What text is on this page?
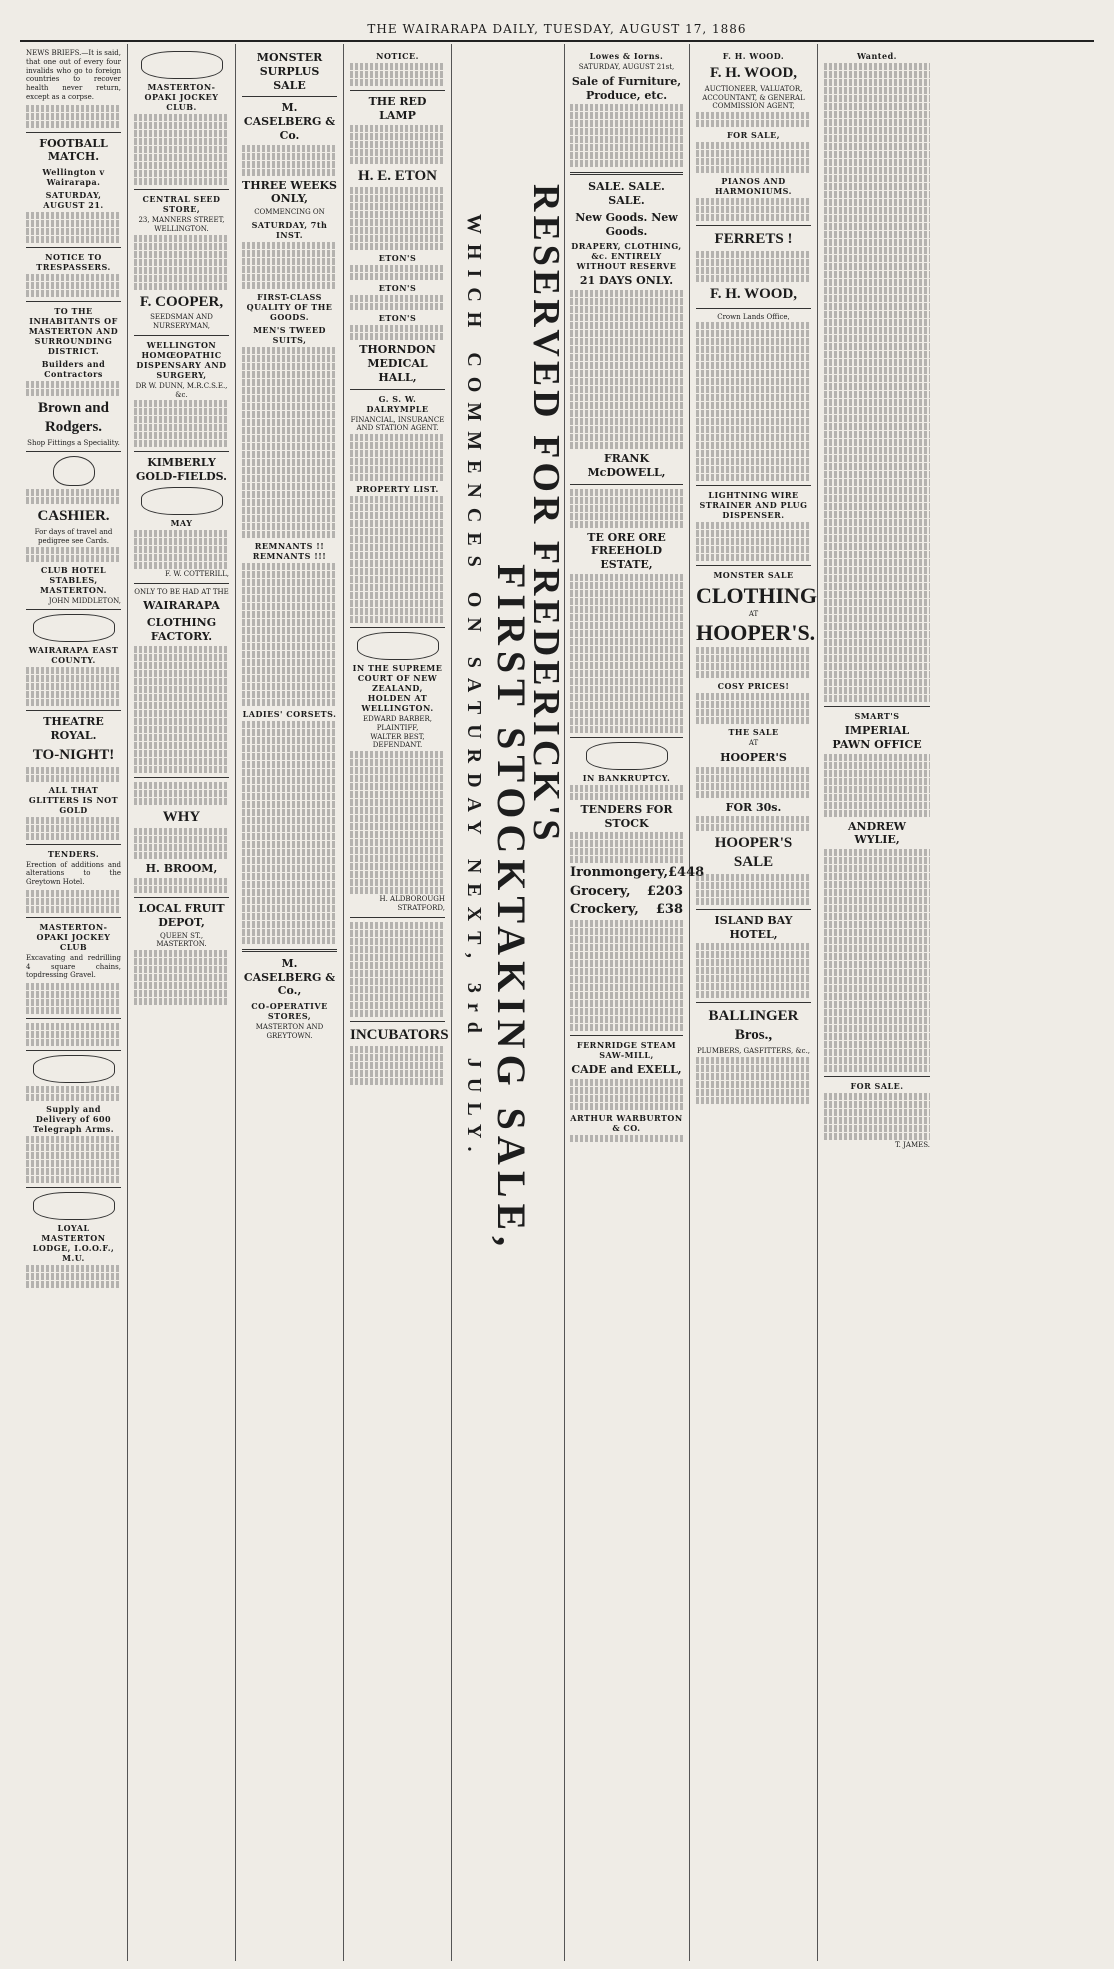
THE WAIRARAPA DAILY, TUESDAY, AUGUST 17, 1886
NEWS BRIEFS.—It is said, that one out of every four invalids who go to foreign countries to recover health never return, except as a corpse.
FOOTBALL MATCH.
Wellington v Wairarapa.
SATURDAY, AUGUST 21.
NOTICE TO TRESPASSERS.
TO THE INHABITANTS OF MASTERTON AND SURROUNDING DISTRICT.
Builders and Contractors
Brown and Rodgers.
Shop Fittings a Speciality.
CASHIER.
For days of travel and pedigree see Cards.
CLUB HOTEL STABLES, MASTERTON.
JOHN MIDDLETON,
WAIRARAPA EAST COUNTY.
THEATRE ROYAL.
TO-NIGHT!
ALL THAT GLITTERS IS NOT GOLD
TENDERS.
Erection of additions and alterations to the Greytown Hotel.
MASTERTON-OPAKI JOCKEY CLUB
Excavating and redrilling 4 square chains, topdressing Gravel.
Supply and Delivery of 600 Telegraph Arms.
LOYAL MASTERTON LODGE, I.O.O.F., M.U.
MASTERTON-OPAKI JOCKEY CLUB.
CENTRAL SEED STORE,
23, MANNERS STREET, WELLINGTON.
F. COOPER,
SEEDSMAN AND NURSERYMAN,
WELLINGTON HOMŒOPATHIC DISPENSARY AND SURGERY,
DR W. DUNN, M.R.C.S.E., &c.
KIMBERLY GOLD-FIELDS.
MAY
F. W. COTTERILL,
ONLY TO BE HAD AT THE
WAIRARAPA
CLOTHING FACTORY.
WHY
H. BROOM,
LOCAL FRUIT DEPOT,
QUEEN ST., MASTERTON.
MONSTER SURPLUS SALE
M. CASELBERG & Co.
THREE WEEKS ONLY,
COMMENCING ON
SATURDAY, 7th INST.
FIRST-CLASS QUALITY OF THE GOODS.
MEN'S TWEED SUITS,
REMNANTS !! REMNANTS !!!
LADIES' CORSETS.
M. CASELBERG & Co.,
CO-OPERATIVE STORES,
MASTERTON AND GREYTOWN.
NOTICE.
THE RED LAMP
H. E. ETON
ETON'S
ETON'S
ETON'S
THORNDON MEDICAL HALL,
G. S. W. DALRYMPLE
FINANCIAL, INSURANCE AND STATION AGENT.
PROPERTY LIST.
IN THE SUPREME COURT OF NEW ZEALAND, HOLDEN AT WELLINGTON.
EDWARD BARBER, PLAINTIFF,
WALTER BEST, DEFENDANT.
H. ALDBOROUGH STRATFORD,
INCUBATORS WHICH COMMENCES ON SATURDAY NEXT, 3rd JULY. FIRST STOCKTAKING SALE,
RESERVED FOR FREDERICK'S
Lowes & Iorns.
SATURDAY, AUGUST 21st,
Sale of Furniture, Produce, etc.
SALE. SALE. SALE.
New Goods. New Goods.
DRAPERY, CLOTHING, &c. ENTIRELY WITHOUT RESERVE
21 DAYS ONLY.
FRANK McDOWELL,
TE ORE ORE FREEHOLD ESTATE,
IN BANKRUPTCY.
TENDERS FOR STOCK
Ironmongery, £448
Grocery, £203
Crockery, £38
FERNRIDGE STEAM SAW-MILL,
CADE and EXELL,
ARTHUR WARBURTON & CO.
F. H. WOOD.
F. H. WOOD,
AUCTIONEER, VALUATOR, ACCOUNTANT, & GENERAL COMMISSION AGENT,
FOR SALE,
PIANOS AND HARMONIUMS.
FERRETS !
F. H. WOOD,
Crown Lands Office,
LIGHTNING WIRE STRAINER AND PLUG DISPENSER.
MONSTER SALE
CLOTHING
AT
HOOPER'S.
COSY PRICES!
THE SALE
AT
HOOPER'S
FOR 30s.
HOOPER'S SALE
ISLAND BAY HOTEL,
BALLINGER Bros.,
PLUMBERS, GASFITTERS, &c.,
Wanted.
SMART'S
IMPERIAL PAWN OFFICE
ANDREW WYLIE,
FOR SALE.
T. JAMES.
